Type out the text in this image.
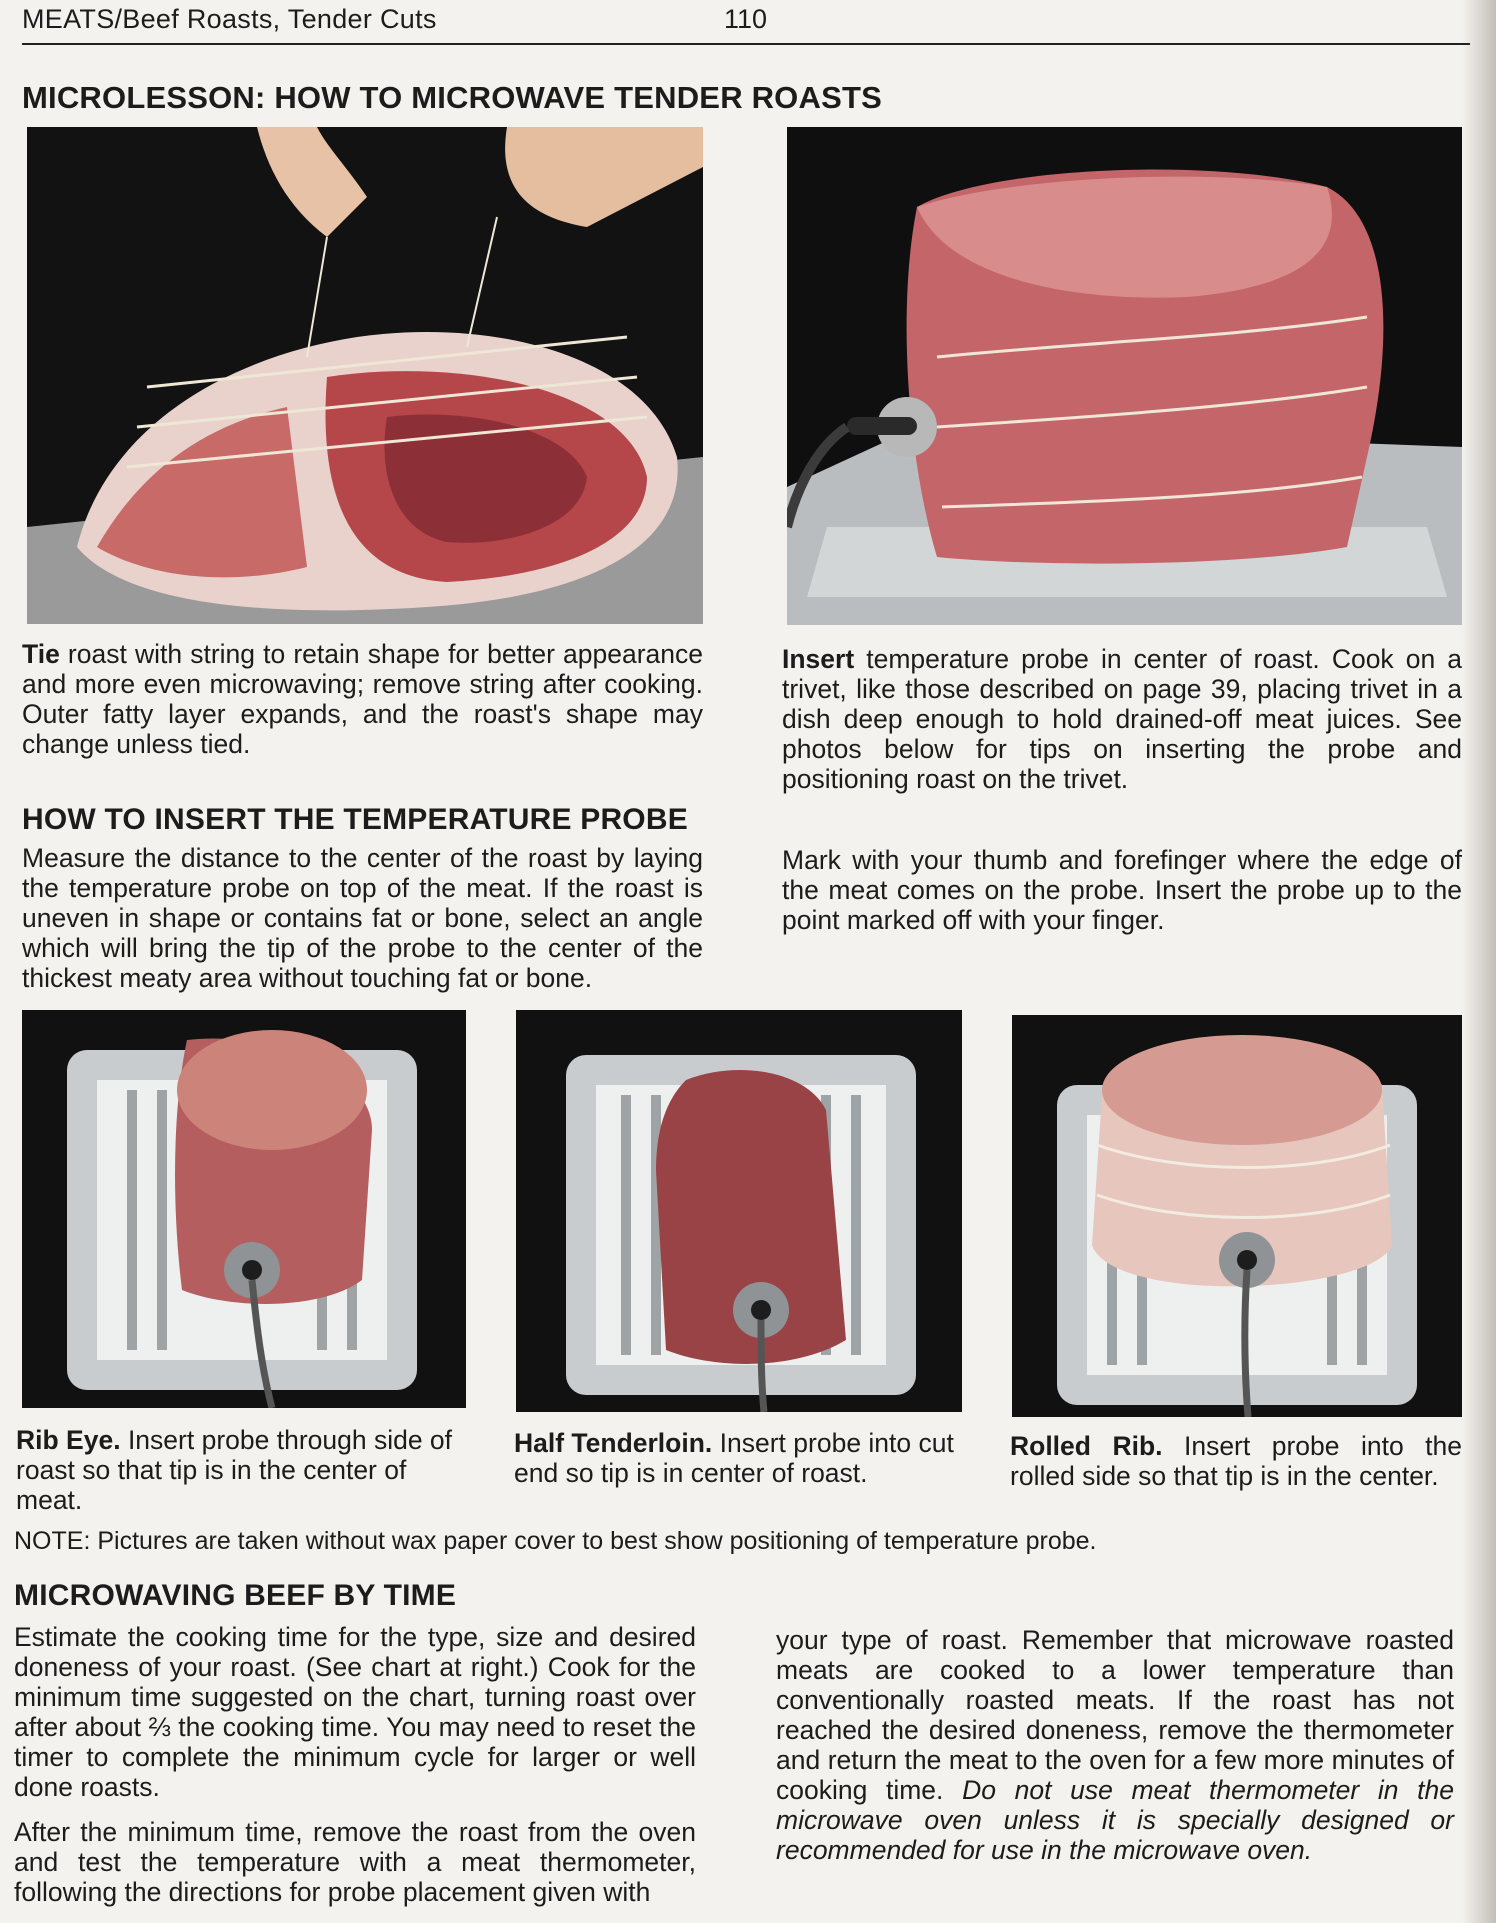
MEATS/Beef Roasts, Tender Cuts	110
MICROLESSON: HOW TO MICROWAVE TENDER ROASTS
Tie roast with string to retain shape for better appearance and more even microwaving; remove string after cooking. Outer fatty layer expands, and the roast's shape may change unless tied.
Insert temperature probe in center of roast. Cook on a trivet, like those described on page 39, placing trivet in a dish deep enough to hold drained-off meat juices. See photos below for tips on inserting the probe and positioning roast on the trivet.
HOW TO INSERT THE TEMPERATURE PROBE
Measure the distance to the center of the roast by laying the temperature probe on top of the meat. If the roast is uneven in shape or contains fat or bone, select an angle which will bring the tip of the probe to the center of the thickest meaty area without touching fat or bone.
Mark with your thumb and forefinger where the edge of the meat comes on the probe. Insert the probe up to the point marked off with your finger.
Rib Eye. Insert probe through side of roast so that tip is in the center of meat.
Half Tenderloin. Insert probe into cut end so tip is in center of roast.
Rolled Rib. Insert probe into the rolled side so that tip is in the center.
NOTE: Pictures are taken without wax paper cover to best show positioning of temperature probe.
MICROWAVING BEEF BY TIME
Estimate the cooking time for the type, size and desired doneness of your roast. (See chart at right.) Cook for the minimum time suggested on the chart, turning roast over after about ⅔ the cooking time. You may need to reset the timer to complete the minimum cycle for larger or well done roasts.
After the minimum time, remove the roast from the oven and test the temperature with a meat thermometer, following the directions for probe placement given with
your type of roast. Remember that microwave roasted meats are cooked to a lower temperature than conventionally roasted meats. If the roast has not reached the desired doneness, remove the thermometer and return the meat to the oven for a few more minutes of cooking time. Do not use meat thermometer in the microwave oven unless it is specially designed or recommended for use in the microwave oven.
